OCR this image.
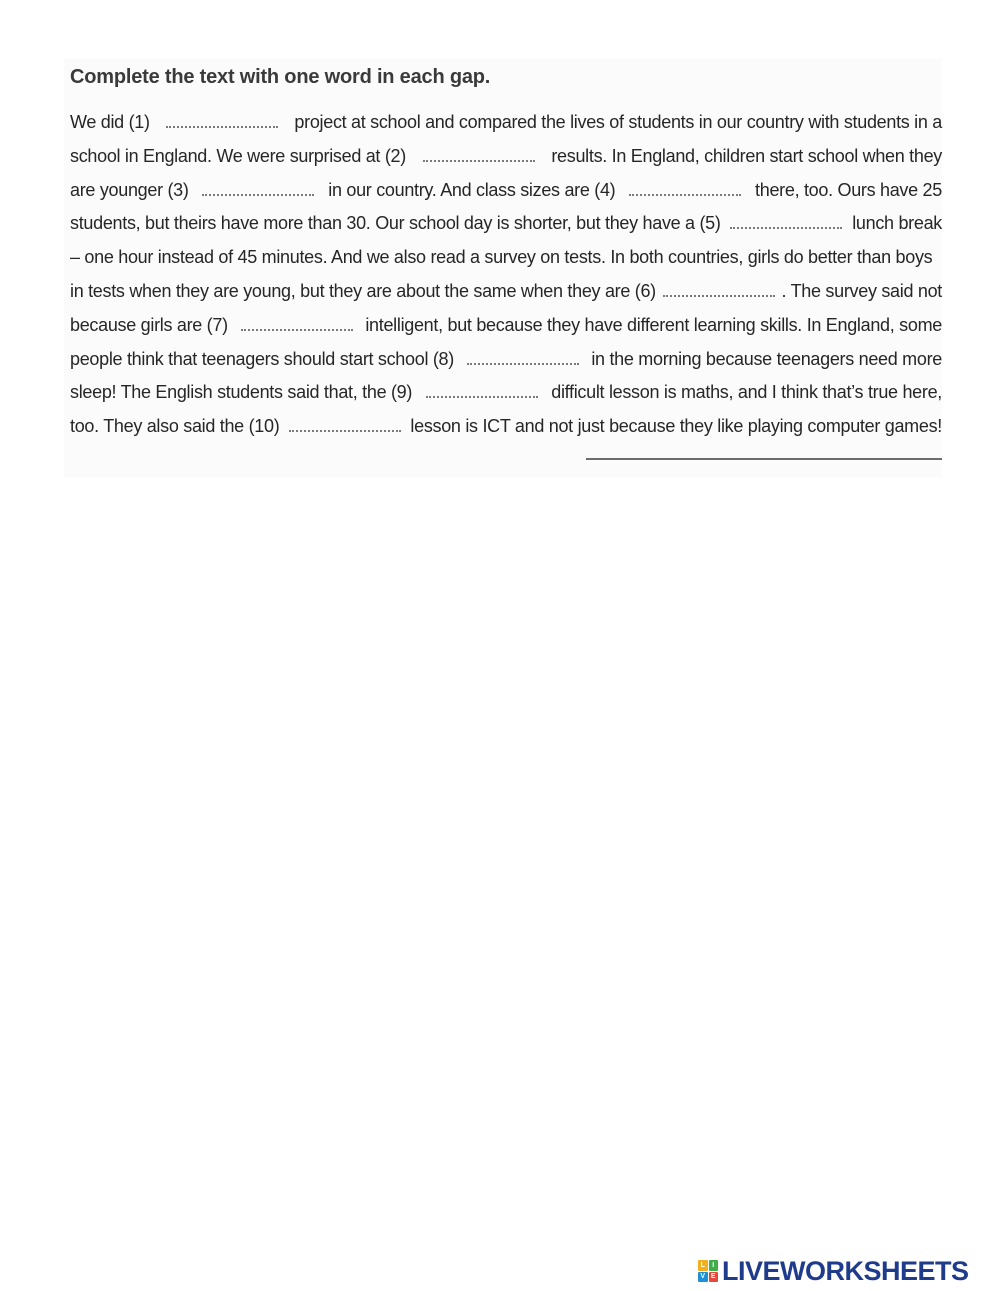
Complete the text with one word in each gap.
We did (1)	project at school and compared the lives of students in our country with students in a
school in England. We were surprised at (2)	results. In England, children start school when they
are younger (3)	in our country. And class sizes are (4)	there, too. Ours have 25
students, but theirs have more than 30. Our school day is shorter, but they have a (5)	lunch break
– one hour instead of 45 minutes. And we also read a survey on tests. In both countries, girls do better than boys
in tests when they are young, but they are about the same when they are (6)	. The survey said not
because girls are (7)	intelligent, but because they have different learning skills. In England, some
people think that teenagers should start school (8)	in the morning because teenagers need more
sleep! The English students said that, the (9)	difficult lesson is maths, and I think that’s true here,
too. They also said the (10)	lesson is ICT and not just because they like playing computer games!
L	I
V E LIVEWORKSHEETS
